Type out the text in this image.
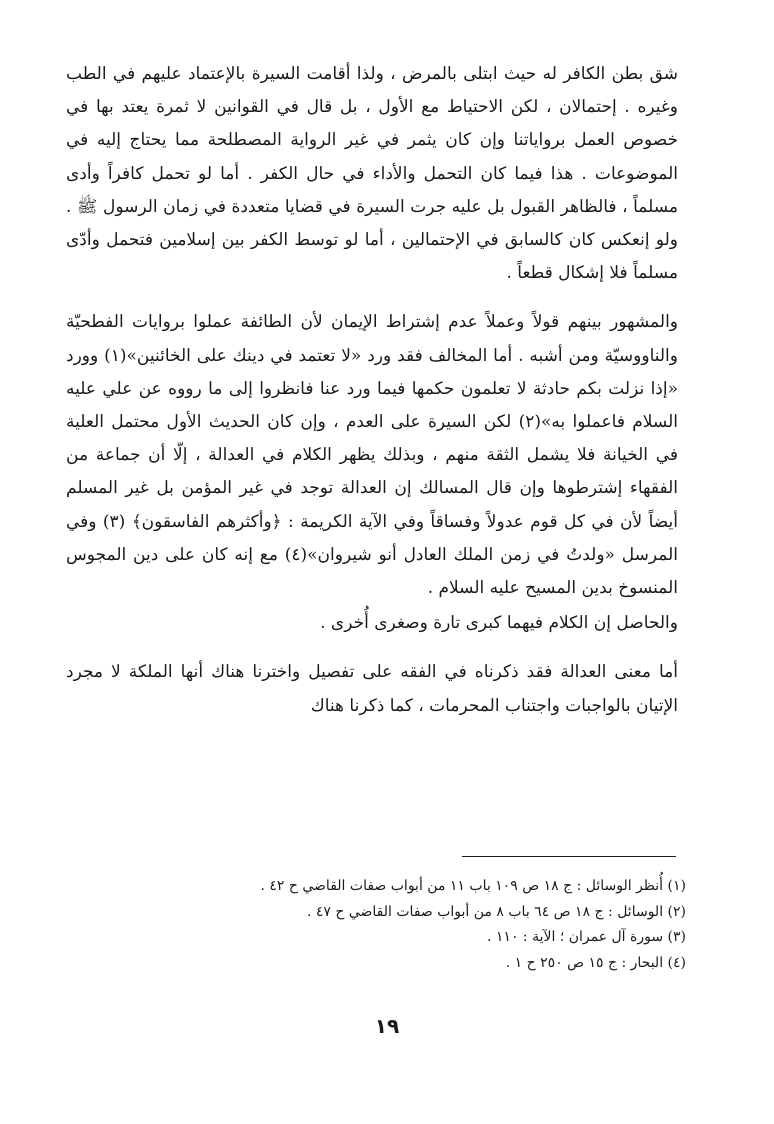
شق بطن الكافر له حيث ابتلى بالمرض ، ولذا أقامت السيرة بالإعتماد عليهم في الطب وغيره . إحتمالان ، لكن الاحتياط مع الأول ، بل قال في القوانين لا ثمرة يعتد بها في خصوص العمل برواياتنا وإن كان يثمر في غير الرواية المصطلحة مما يحتاج إليه في الموضوعات . هذا فيما كان التحمل والأداء في حال الكفر . أما لو تحمل كافراً وأدى مسلماً ، فالظاهر القبول بل عليه جرت السيرة في قضايا متعددة في زمان الرسول ﷺ . ولو إنعكس كان كالسابق في الإحتمالين ، أما لو توسط الكفر بين إسلامين فتحمل وأدّى مسلماً فلا إشكال قطعاً .

والمشهور بينهم قولاً وعملاً عدم إشتراط الإيمان لأن الطائفة عملوا بروايات الفطحيّة والناووسيّة ومن أشبه . أما المخالف فقد ورد «لا تعتمد في دينك على الخائنين»(١) وورد «إذا نزلت بكم حادثة لا تعلمون حكمها فيما ورد عنا فانظروا إلى ما رووه عن علي عليه السلام فاعملوا به»(٢) لكن السيرة على العدم ، وإن كان الحديث الأول محتمل العلية في الخيانة فلا يشمل الثقة منهم ، وبذلك يظهر الكلام في العدالة ، إلّا أن جماعة من الفقهاء إشترطوها وإن قال المسالك إن العدالة توجد في غير المؤمن بل غير المسلم أيضاً لأن في كل قوم عدولاً وفساقاً وفي الآية الكريمة : ﴿وأكثرهم الفاسقون﴾ (٣) وفي المرسل «ولدتُ في زمن الملك العادل أنو شيروان»(٤) مع إنه كان على دين المجوس المنسوخ بدين المسيح عليه السلام .

والحاصل إن الكلام فيهما كبرى تارة وصغرى أُخرى .

أما معنى العدالة فقد ذكرناه في الفقه على تفصيل واخترنا هناك أنها الملكة لا مجرد الإتيان بالواجبات واجتناب المحرمات ، كما ذكرنا هناك

(١) أُنظر الوسائل : ج ١٨ ص ١٠٩ باب ١١ من أبواب صفات القاضي ح ٤٢ .
(٢) الوسائل : ج ١٨ ص ٦٤ باب ٨ من أبواب صفات القاضي ح ٤٧ .
(٣) سورة آل عمران ؛ الآية : ١١٠ .
(٤) البحار : ج ١٥ ص ٢٥٠ ح ١ .
١٩
